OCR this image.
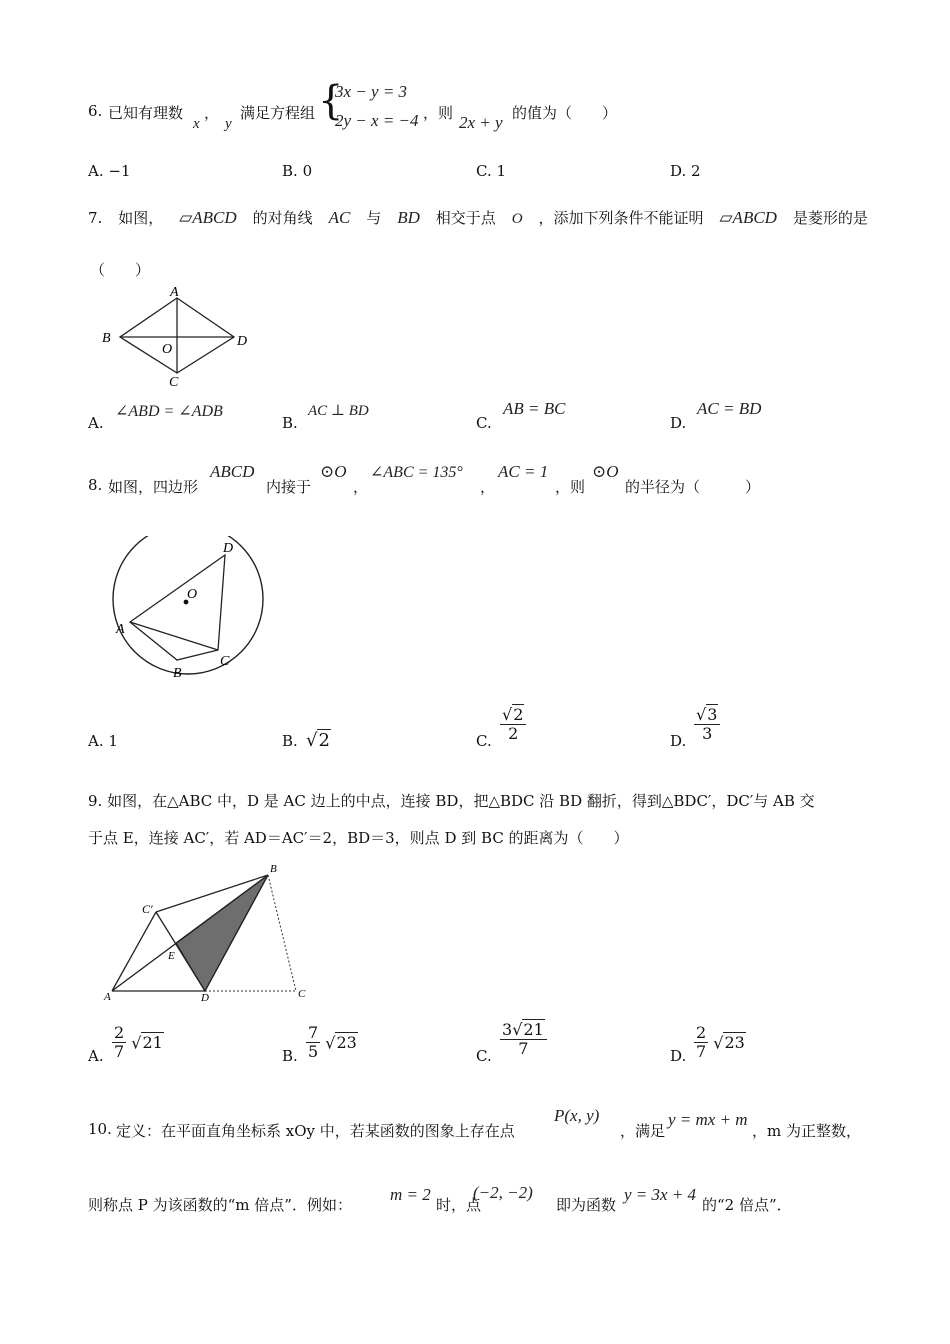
6. 已知有理数
x
，
y
满足方程组 {
3x − y = 3
2y − x = −4 ，则 2x + y 的值为（　　）
A. −1	B. 0	C. 1	D. 2
7. 如图， ▱ABCD 的对角线 AC 与 BD 相交于点 O ，添加下列条件不能证明 ▱ABCD 是菱形的是
（　　）
A
B
C
D
O
A.
∠ABD = ∠ADB
B.
AC ⊥ BD
C.
AB = BC
D.
AC = BD
8. 如图，四边形
ABCD
内接于
⊙O
，
∠ABC = 135°
，
AC = 1
，则
⊙O
的半径为（　　　）
D
A
B
C
O
A. 1	B. √2	C. $\frac{√2}{2}$	D. $\frac{√3}{3}$
9. 如图，在△ABC 中，D 是 AC 边上的中点，连接 BD，把△BDC 沿 BD 翻折，得到△BDC′，DC′与 AB 交
于点 E，连接 AC′，若 AD＝AC′＝2，BD＝3，则点 D 到 BC 的距离为（　　）
B
C′
E
A	D	C
A. $\frac{2}{7} √21$
B. $\frac{7}{5} √23$
C. $\frac{3√21}{7}$	D. $\frac{2}{7} √23$
10. 定义：在平面直角坐标系 xOy 中，若某函数的图象上存在点
P(x, y)
，满足
y = mx + m
，m 为正整数，
则称点 P 为该函数的“m 倍点”．例如：
m = 2
时，点
(−2, −2)
即为函数
y = 3x + 4
的“2 倍点”．
